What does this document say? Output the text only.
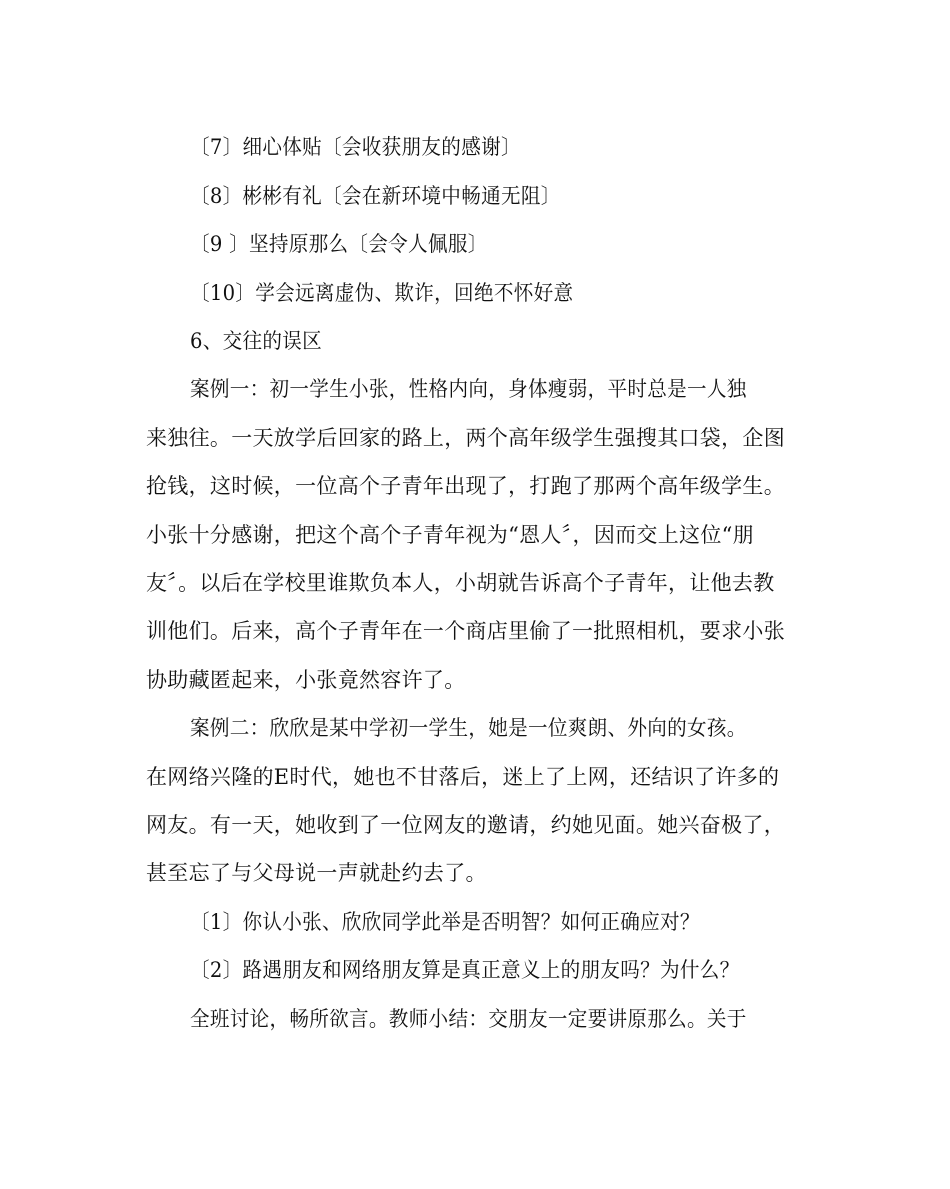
〔7〕细心体贴〔会收获朋友的感谢〕
〔8〕彬彬有礼〔会在新环境中畅通无阻〕
〔9 〕坚持原那么〔会令人佩服〕
〔10〕学会远离虚伪、欺诈，回绝不怀好意
6、交往的误区
案例一：初一学生小张，性格内向，身体瘦弱，平时总是一人独
来独往。一天放学后回家的路上，两个高年级学生强搜其口袋，企图
抢钱，这时候，一位高个子青年出现了，打跑了那两个高年级学生。
小张十分感谢，把这个高个子青年视为“恩人〞，因而交上这位“朋
友〞。以后在学校里谁欺负本人，小胡就告诉高个子青年，让他去教
训他们。后来，高个子青年在一个商店里偷了一批照相机，要求小张
协助藏匿起来，小张竟然容许了。
案例二：欣欣是某中学初一学生，她是一位爽朗、外向的女孩。
在网络兴隆的E时代，她也不甘落后，迷上了上网，还结识了许多的
网友。有一天，她收到了一位网友的邀请，约她见面。她兴奋极了，
甚至忘了与父母说一声就赴约去了。
〔1〕你认小张、欣欣同学此举是否明智？如何正确应对？
〔2〕路遇朋友和网络朋友算是真正意义上的朋友吗？为什么？
全班讨论，畅所欲言。教师小结：交朋友一定要讲原那么。关于
